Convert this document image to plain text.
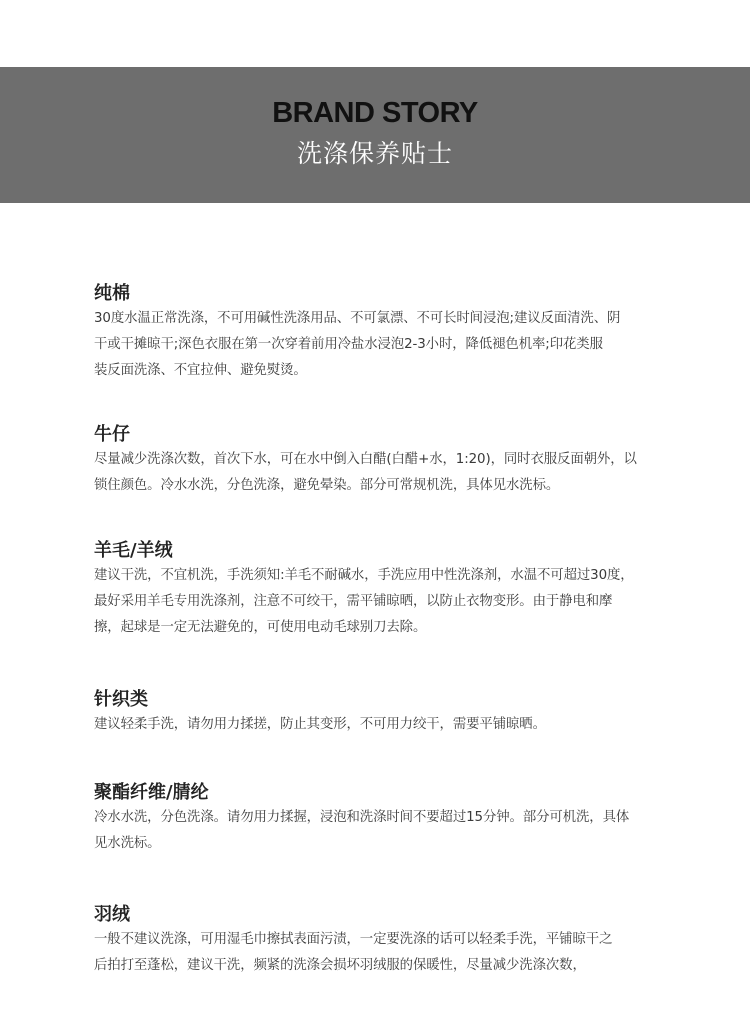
BRAND STORY
洗涤保养贴士
纯棉
30度水温正常洗涤，不可用碱性洗涤用品、不可氯漂、不可长时间浸泡;建议反面清洗、阴
干或干摊晾干;深色衣服在第一次穿着前用冷盐水浸泡2-3小时，降低褪色机率;印花类服
装反面洗涤、不宜拉伸、避免熨烫。
牛仔
尽量减少洗涤次数，首次下水，可在水中倒入白醋(白醋+水，1:20)，同时衣服反面朝外，以
锁住颜色。冷水水洗，分色洗涤，避免晕染。部分可常规机洗，具体见水洗标。
羊毛/羊绒
建议干洗，不宜机洗，手洗须知:羊毛不耐碱水，手洗应用中性洗涤剂，水温不可超过30度，
最好采用羊毛专用洗涤剂，注意不可绞干，需平铺晾晒，以防止衣物变形。由于静电和摩
擦，起球是一定无法避免的，可使用电动毛球别刀去除。
针织类
建议轻柔手洗，请勿用力揉搓，防止其变形，不可用力绞干，需要平铺晾晒。
聚酯纤维/腈纶
冷水水洗，分色洗涤。请勿用力揉握，浸泡和洗涤时间不要超过15分钟。部分可机洗，具体
见水洗标。
羽绒
一般不建议洗涤，可用湿毛巾擦拭表面污渍，一定要洗涤的话可以轻柔手洗，平铺晾干之
后拍打至蓬松，建议干洗，频紧的洗涤会损坏羽绒服的保暖性，尽量减少洗涤次数，
